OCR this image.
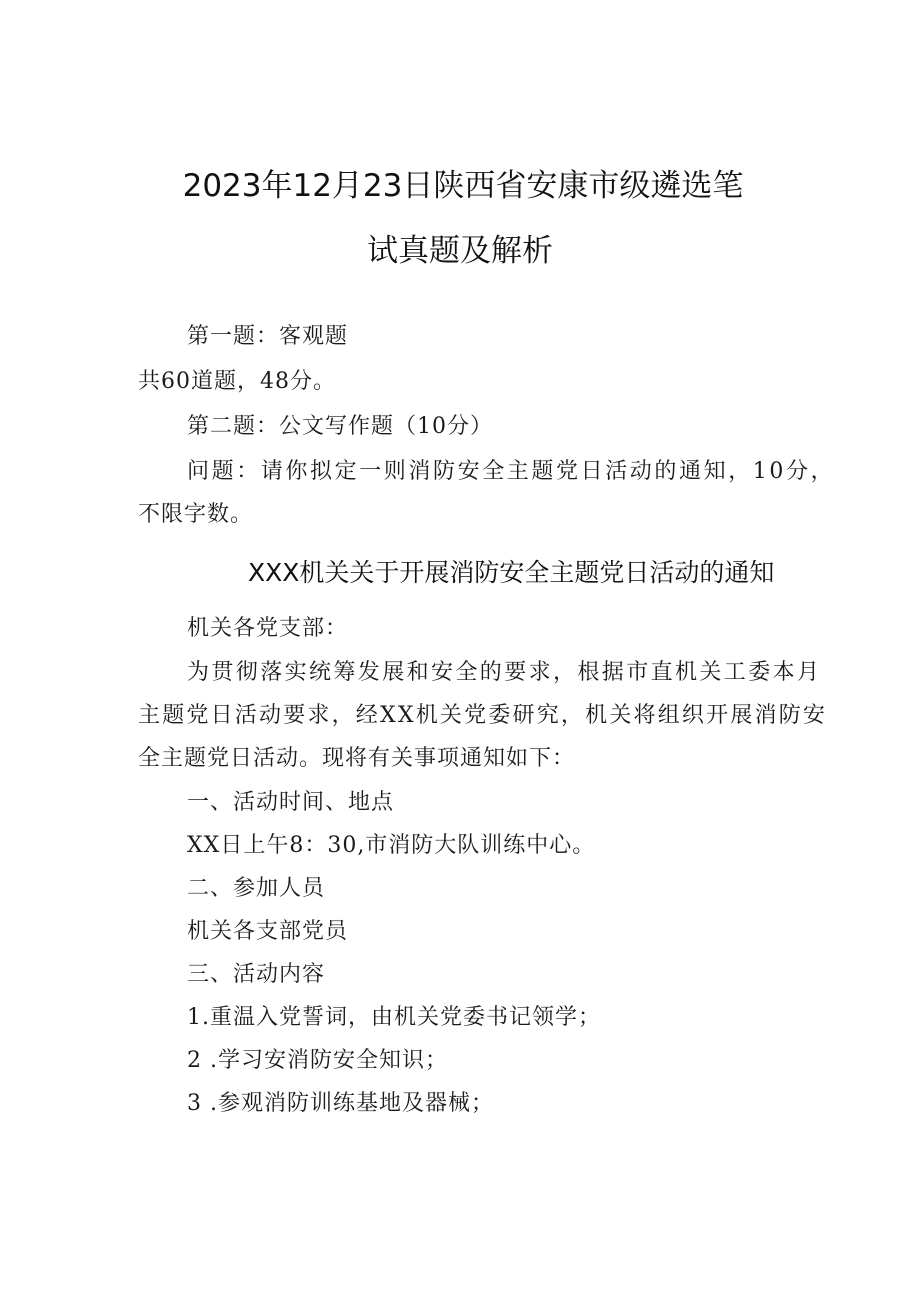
2023年12月23日陕西省安康市级遴选笔
试真题及解析
第一题：客观题
共60道题，48分。
第二题：公文写作题（10分）
问题：请你拟定一则消防安全主题党日活动的通知，10分，
不限字数。
XXX机关关于开展消防安全主题党日活动的通知
机关各党支部：
为贯彻落实统筹发展和安全的要求，根据市直机关工委本月
主题党日活动要求，经XX机关党委研究，机关将组织开展消防安
全主题党日活动。现将有关事项通知如下：
一、活动时间、地点
XX日上午8：30,市消防大队训练中心。
二、参加人员
机关各支部党员
三、活动内容
1.重温入党誓词，由机关党委书记领学；
2 .学习安消防安全知识；
3 .参观消防训练基地及器械；
